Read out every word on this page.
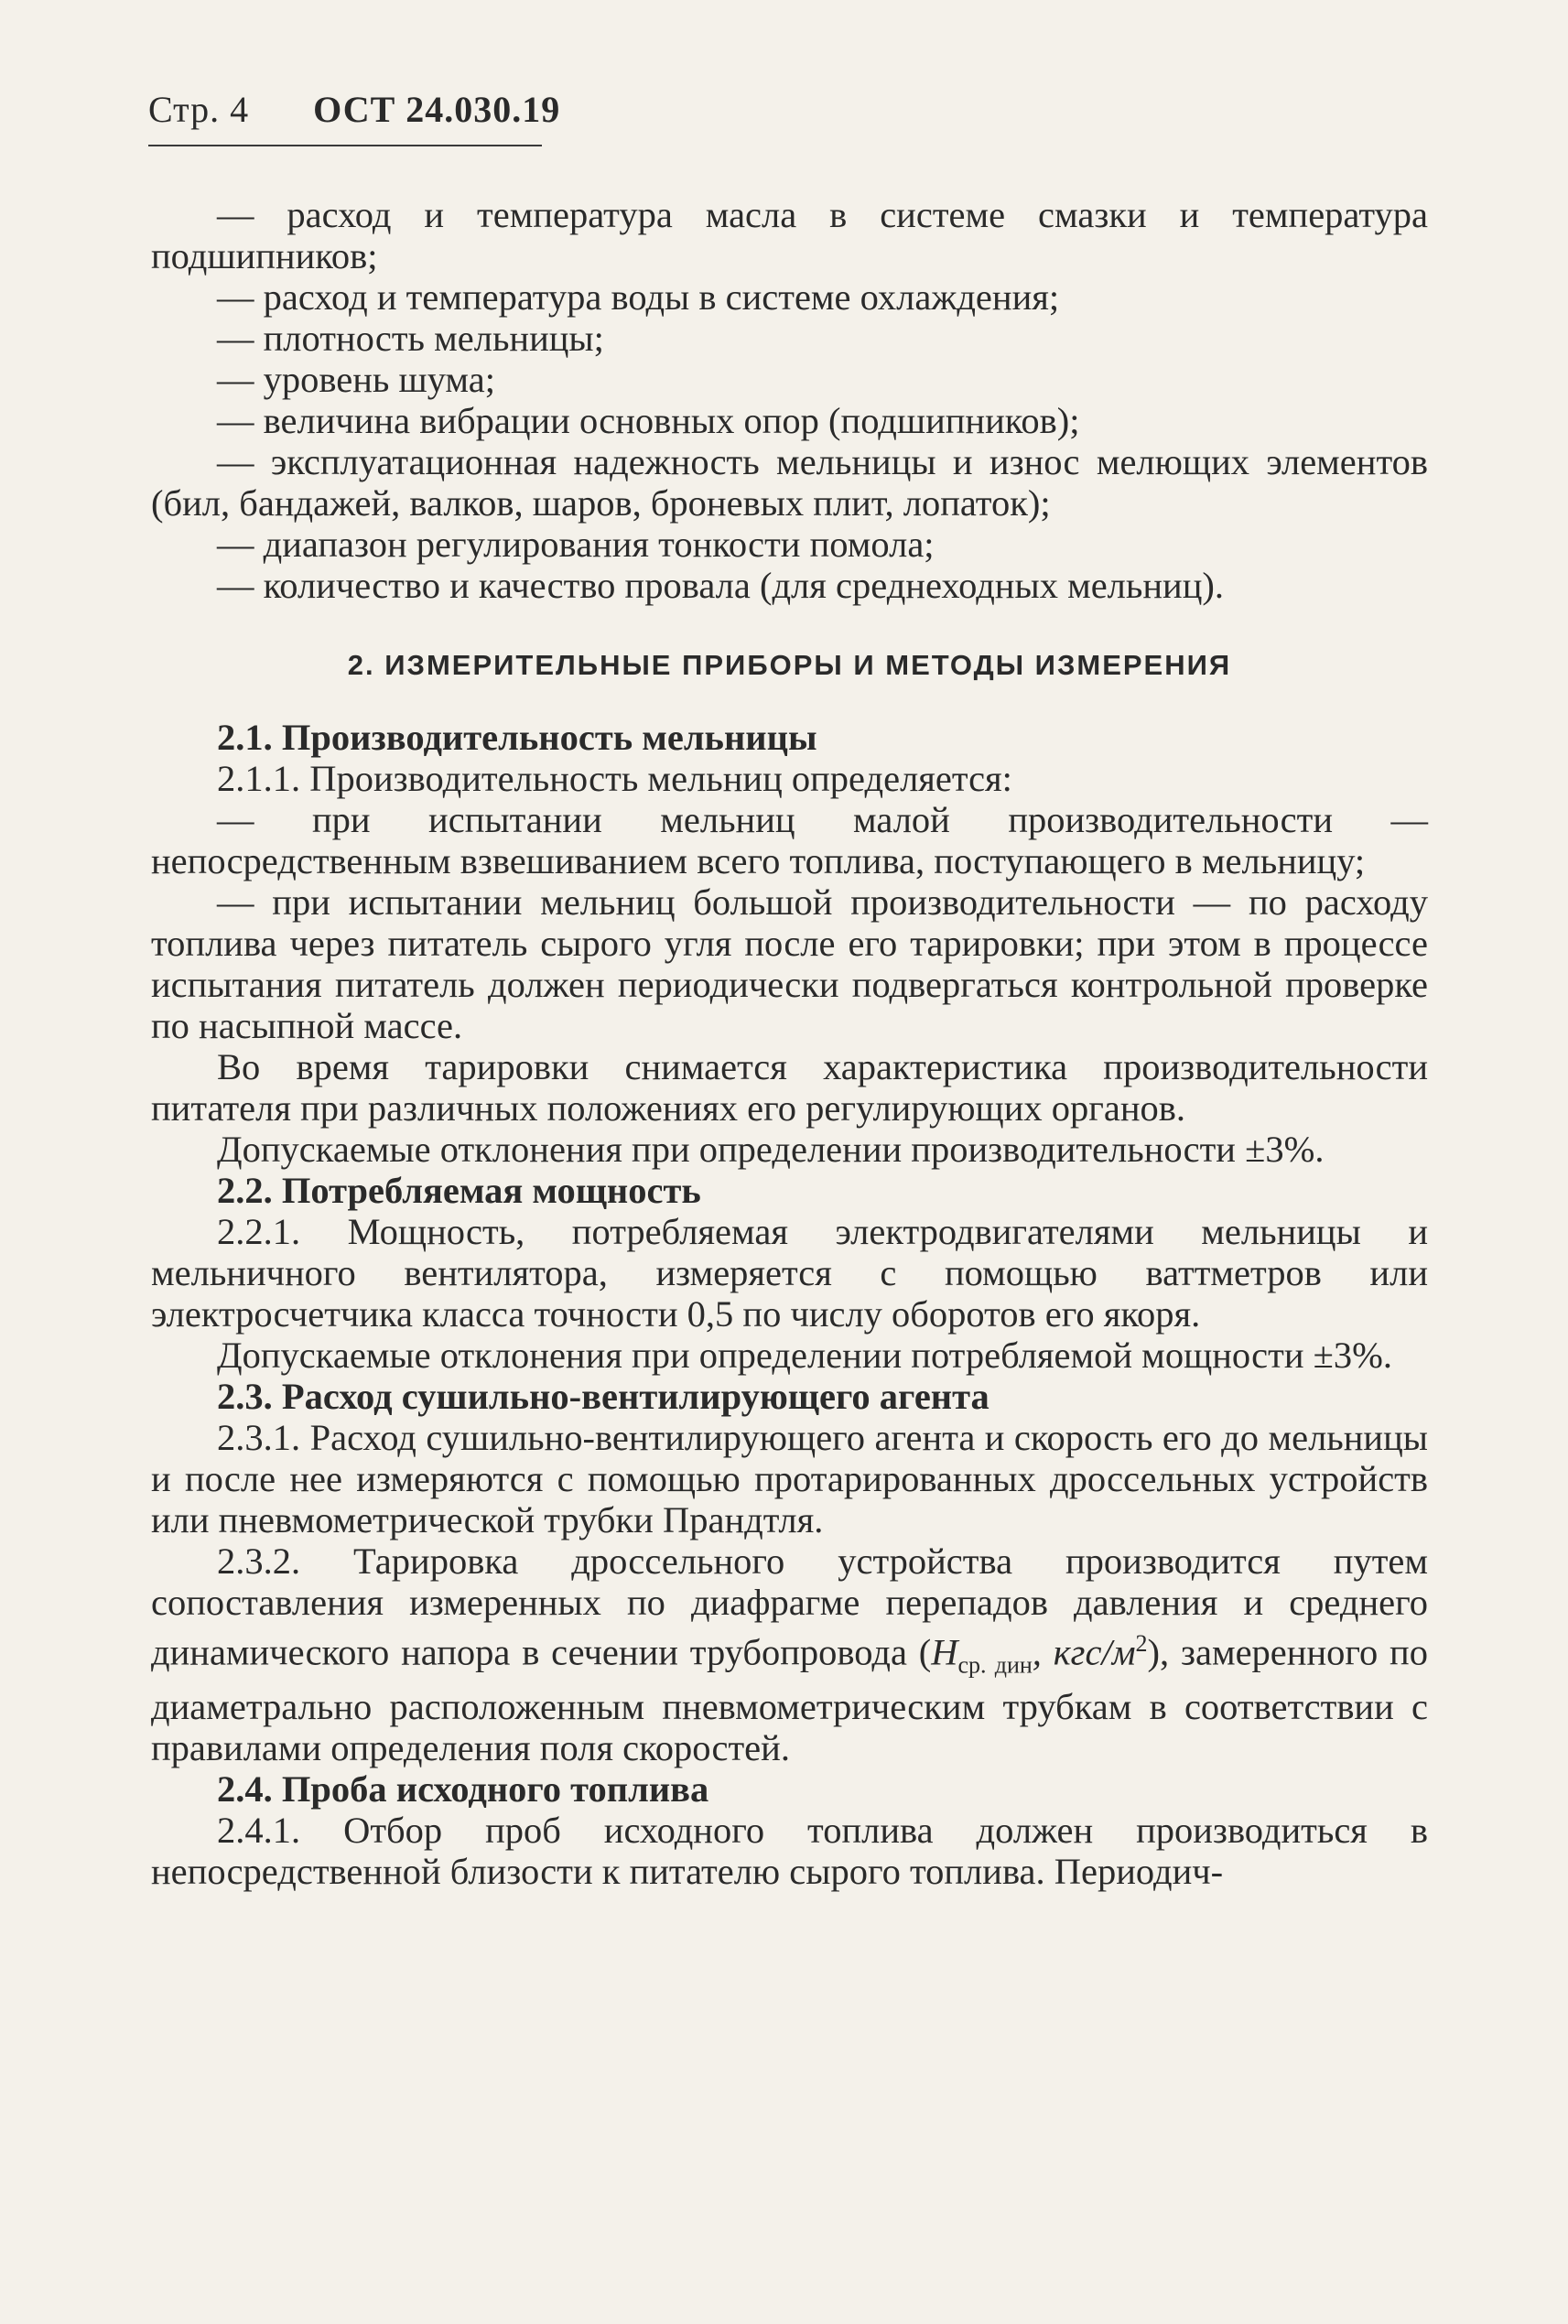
Стр. 4 ОСТ 24.030.19

— расход и температура масла в системе смазки и температура подшипников;

— расход и температура воды в системе охлаждения;

— плотность мельницы;

— уровень шума;

— величина вибрации основных опор (подшипников);

— эксплуатационная надежность мельницы и износ мелющих элементов (бил, бандажей, валков, шаров, броневых плит, лопаток);

— диапазон регулирования тонкости помола;

— количество и качество провала (для среднеходных мельниц).

2. ИЗМЕРИТЕЛЬНЫЕ ПРИБОРЫ И МЕТОДЫ ИЗМЕРЕНИЯ

2.1. Производительность мельницы

2.1.1. Производительность мельниц определяется:

— при испытании мельниц малой производительности — непосредственным взвешиванием всего топлива, поступающего в мельницу;

— при испытании мельниц большой производительности — по расходу топлива через питатель сырого угля после его тарировки; при этом в процессе испытания питатель должен периодически подвергаться контрольной проверке по насыпной массе.

Во время тарировки снимается характеристика производительности питателя при различных положениях его регулирующих органов.

Допускаемые отклонения при определении производительности ±3%.

2.2. Потребляемая мощность

2.2.1. Мощность, потребляемая электродвигателями мельницы и мельничного вентилятора, измеряется с помощью ваттметров или электросчетчика класса точности 0,5 по числу оборотов его якоря.

Допускаемые отклонения при определении потребляемой мощности ±3%.

2.3. Расход сушильно-вентилирующего агента

2.3.1. Расход сушильно-вентилирующего агента и скорость его до мельницы и после нее измеряются с помощью протарированных дроссельных устройств или пневмометрической трубки Прандтля.

2.3.2. Тарировка дроссельного устройства производится путем сопоставления измеренных по диафрагме перепадов давления и среднего динамического напора в сечении трубопровода ($H_{ср. дин}$, кгс/$м^2$), замеренного по диаметрально расположенным пневмометрическим трубкам в соответствии с правилами определения поля скоростей.

2.4. Проба исходного топлива

2.4.1. Отбор проб исходного топлива должен производиться в непосредственной близости к питателю сырого топлива. Периодич-
